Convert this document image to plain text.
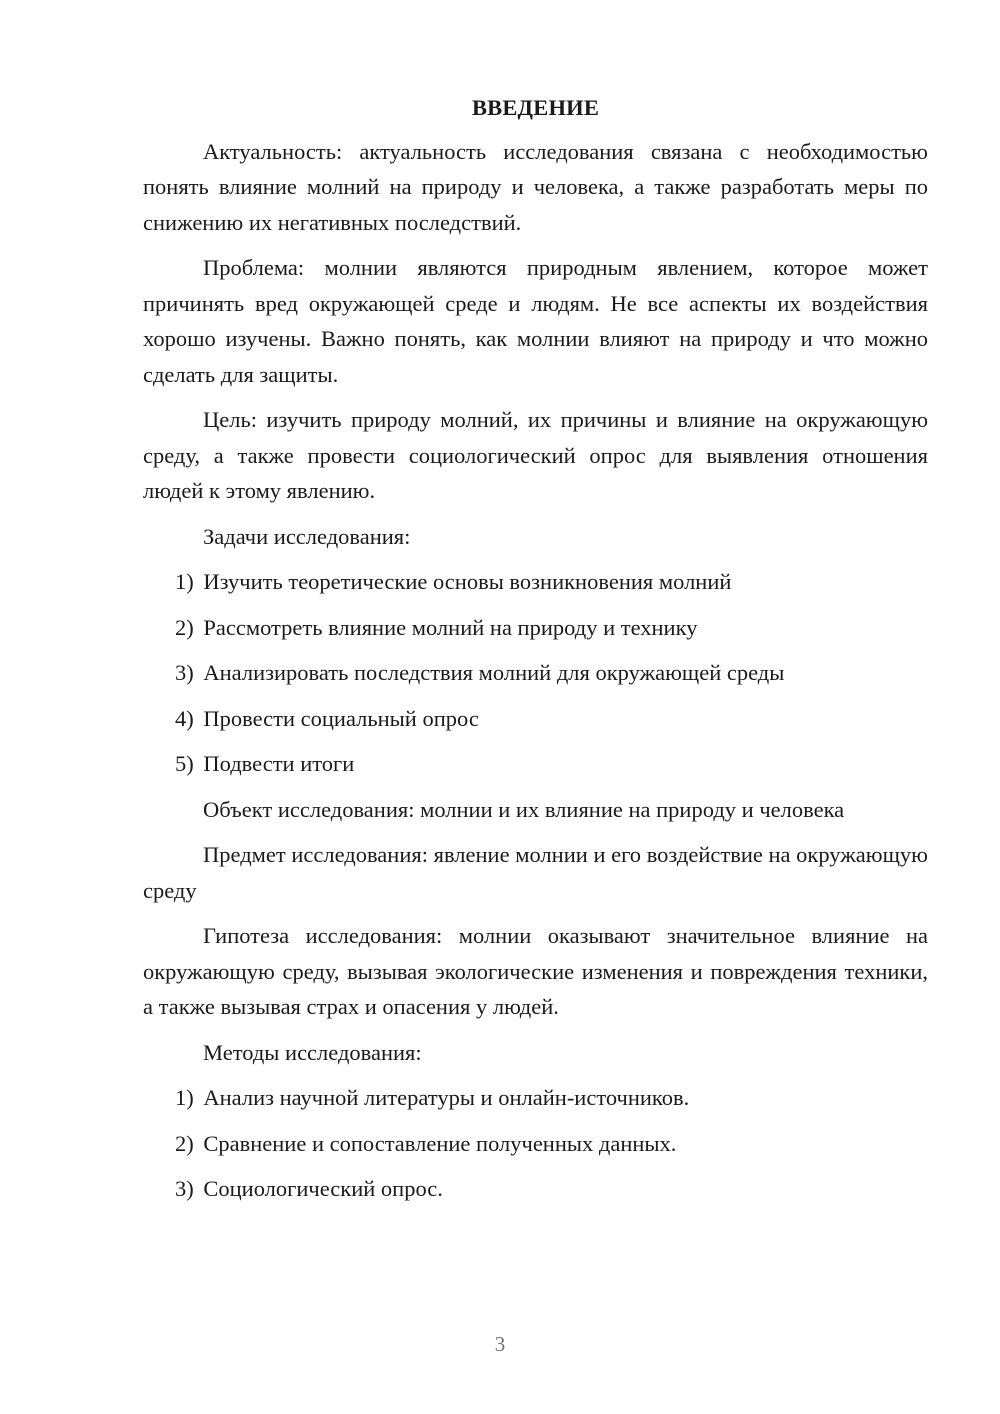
ВВЕДЕНИЕ

Актуальность: актуальность исследования связана с необходимостью понять влияние молний на природу и человека, а также разработать меры по снижению их негативных последствий.

Проблема: молнии являются природным явлением, которое может причинять вред окружающей среде и людям. Не все аспекты их воздействия хорошо изучены. Важно понять, как молнии влияют на природу и что можно сделать для защиты.

Цель: изучить природу молний, их причины и влияние на окружающую среду, а также провести социологический опрос для выявления отношения людей к этому явлению.

Задачи исследования:

1) Изучить теоретические основы возникновения молний
2) Рассмотреть влияние молний на природу и технику
3) Анализировать последствия молний для окружающей среды
4) Провести социальный опрос
5) Подвести итоги

Объект исследования: молнии и их влияние на природу и человека

Предмет исследования: явление молнии и его воздействие на окружающую среду

Гипотеза исследования: молнии оказывают значительное влияние на окружающую среду, вызывая экологические изменения и повреждения техники, а также вызывая страх и опасения у людей.

Методы исследования:

1) Анализ научной литературы и онлайн-источников.
2) Сравнение и сопоставление полученных данных.
3) Социологический опрос.
3
